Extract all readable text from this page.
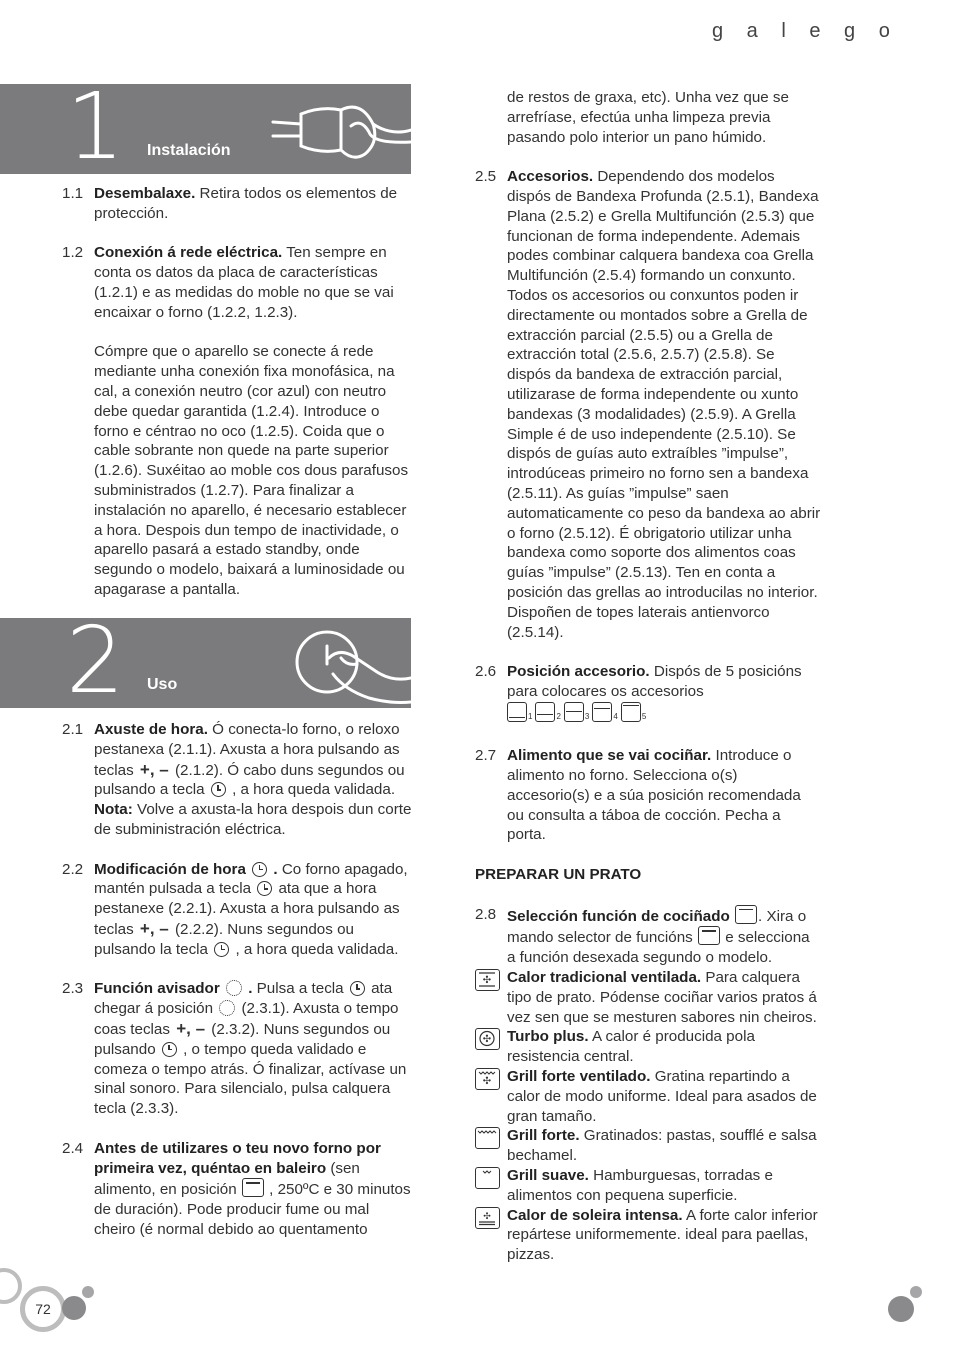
g a l e g o
1 Instalación
1.1 Desembalaxe. Retira todos os elementos de protección.

1.2 Conexión á rede eléctrica. Ten sempre en conta os datos da placa de características (1.2.1) e as medidas do moble no que se vai encaixar o forno (1.2.2, 1.2.3).

Cómpre que o aparello se conecte á rede mediante unha conexión fixa monofásica, na cal, a conexión neutro (cor azul) con neutro debe quedar garantida (1.2.4). Introduce o forno e céntrao no oco (1.2.5). Coida que o cable sobrante non quede na parte superior (1.2.6). Suxéitao ao moble cos dous parafusos subministrados (1.2.7). Para finalizar a instalación no aparello, é necesario establecer a hora. Despois dun tempo de inactividade, o aparello pasará a estado standby, onde segundo o modelo, baixará a luminosidade ou apagarase a pantalla.

2 Uso
2.1 Axuste de hora. Ó conecta-lo forno, o reloxo pestanexa (2.1.1). Axusta a hora pulsando as teclas +, – (2.1.2). Ó cabo duns segundos ou pulsando a tecla  , a hora queda validada. Nota: Volve a axusta-la hora despois dun corte de subministración eléctrica.

2.2 Modificación de hora . Co forno apagado, mantén pulsada a tecla  ata que a hora pestanexe (2.2.1). Axusta a hora pulsando as teclas +, – (2.2.2). Nuns segundos ou pulsando la tecla  , a hora queda validada.

2.3 Función avisador . Pulsa a tecla  ata chegar á posición  (2.3.1). Axusta o tempo coas teclas +, – (2.3.2). Nuns segundos ou pulsando  , o tempo queda validado e comeza o tempo atrás. Ó finalizar, actívase un sinal sonoro. Para silencialo, pulsa calquera tecla (2.3.3).

2.4 Antes de utilizares o teu novo forno por primeira vez, quéntao en baleiro (sen alimento, en posición  , 250ºC e 30 minutos de duración). Pode producir fume ou mal cheiro (é normal debido ao quentamento

de restos de graxa, etc). Unha vez que se arrefríase, efectúa unha limpeza previa pasando polo interior un pano húmido.
2.5 Accesorios. Dependendo dos modelos dispós de Bandexa Profunda (2.5.1), Bandexa Plana (2.5.2) e Grella Multifunción (2.5.3) que funcionan de forma independente. Ademais podes combinar calquera bandexa coa Grella Multifunción (2.5.4) formando un conxunto. Todos os accesorios ou conxuntos poden ir directamente ou montados sobre a Grella de extracción parcial (2.5.5) ou a Grella de extracción total (2.5.6, 2.5.7) (2.5.8). Se dispós da bandexa de extracción parcial, utilizarase de forma independente ou xunto bandexas (3 modalidades) (2.5.9). A Grella Simple é de uso independente (2.5.10). Se dispós de guías auto extraíbles ”impulse”, introdúceas primeiro no forno sen a bandexa (2.5.11). As guías ”impulse” saen automaticamente co peso da bandexa ao abrir o forno (2.5.12). É obrigatorio utilizar unha bandexa como soporte dos alimentos coas guías ”impulse” (2.5.13). Ten en conta a posición das grellas ao introducilas no interior. Dispoñen de topes laterais antienvorco (2.5.14).

2.6 Posición accesorio. Dispós de 5 posicións para colocares os accesorios
1	2	3	4	5

2.7 Alimento que se vai cociñar. Introduce o alimento no forno. Selecciona o(s) accesorio(s) e a súa posición recomendada ou consulta a táboa de cocción. Pecha a porta.

PREPARAR UN PRATO
2.8 Selección función de cociñado . Xira o mando selector de funcións  e selecciona a función desexada segundo o modelo.

✣ Calor tradicional ventilada. Para calquera tipo de prato. Pódense cociñar varios pratos á vez sen que se mesturen sabores nin cheiros.
✣ Turbo plus. A calor é producida pola resistencia central.
✣ Grill forte ventilado. Gratina repartindo a calor de modo uniforme. Ideal para asados de gran tamaño.
Grill forte. Gratinados: pastas, soufflé e salsa bechamel.
Grill suave. Hamburguesas, torradas e alimentos con pequena superficie.
✣ Calor de soleira intensa. A forte calor inferior repártese uniformemente. ideal para paellas, pizzas.
72
